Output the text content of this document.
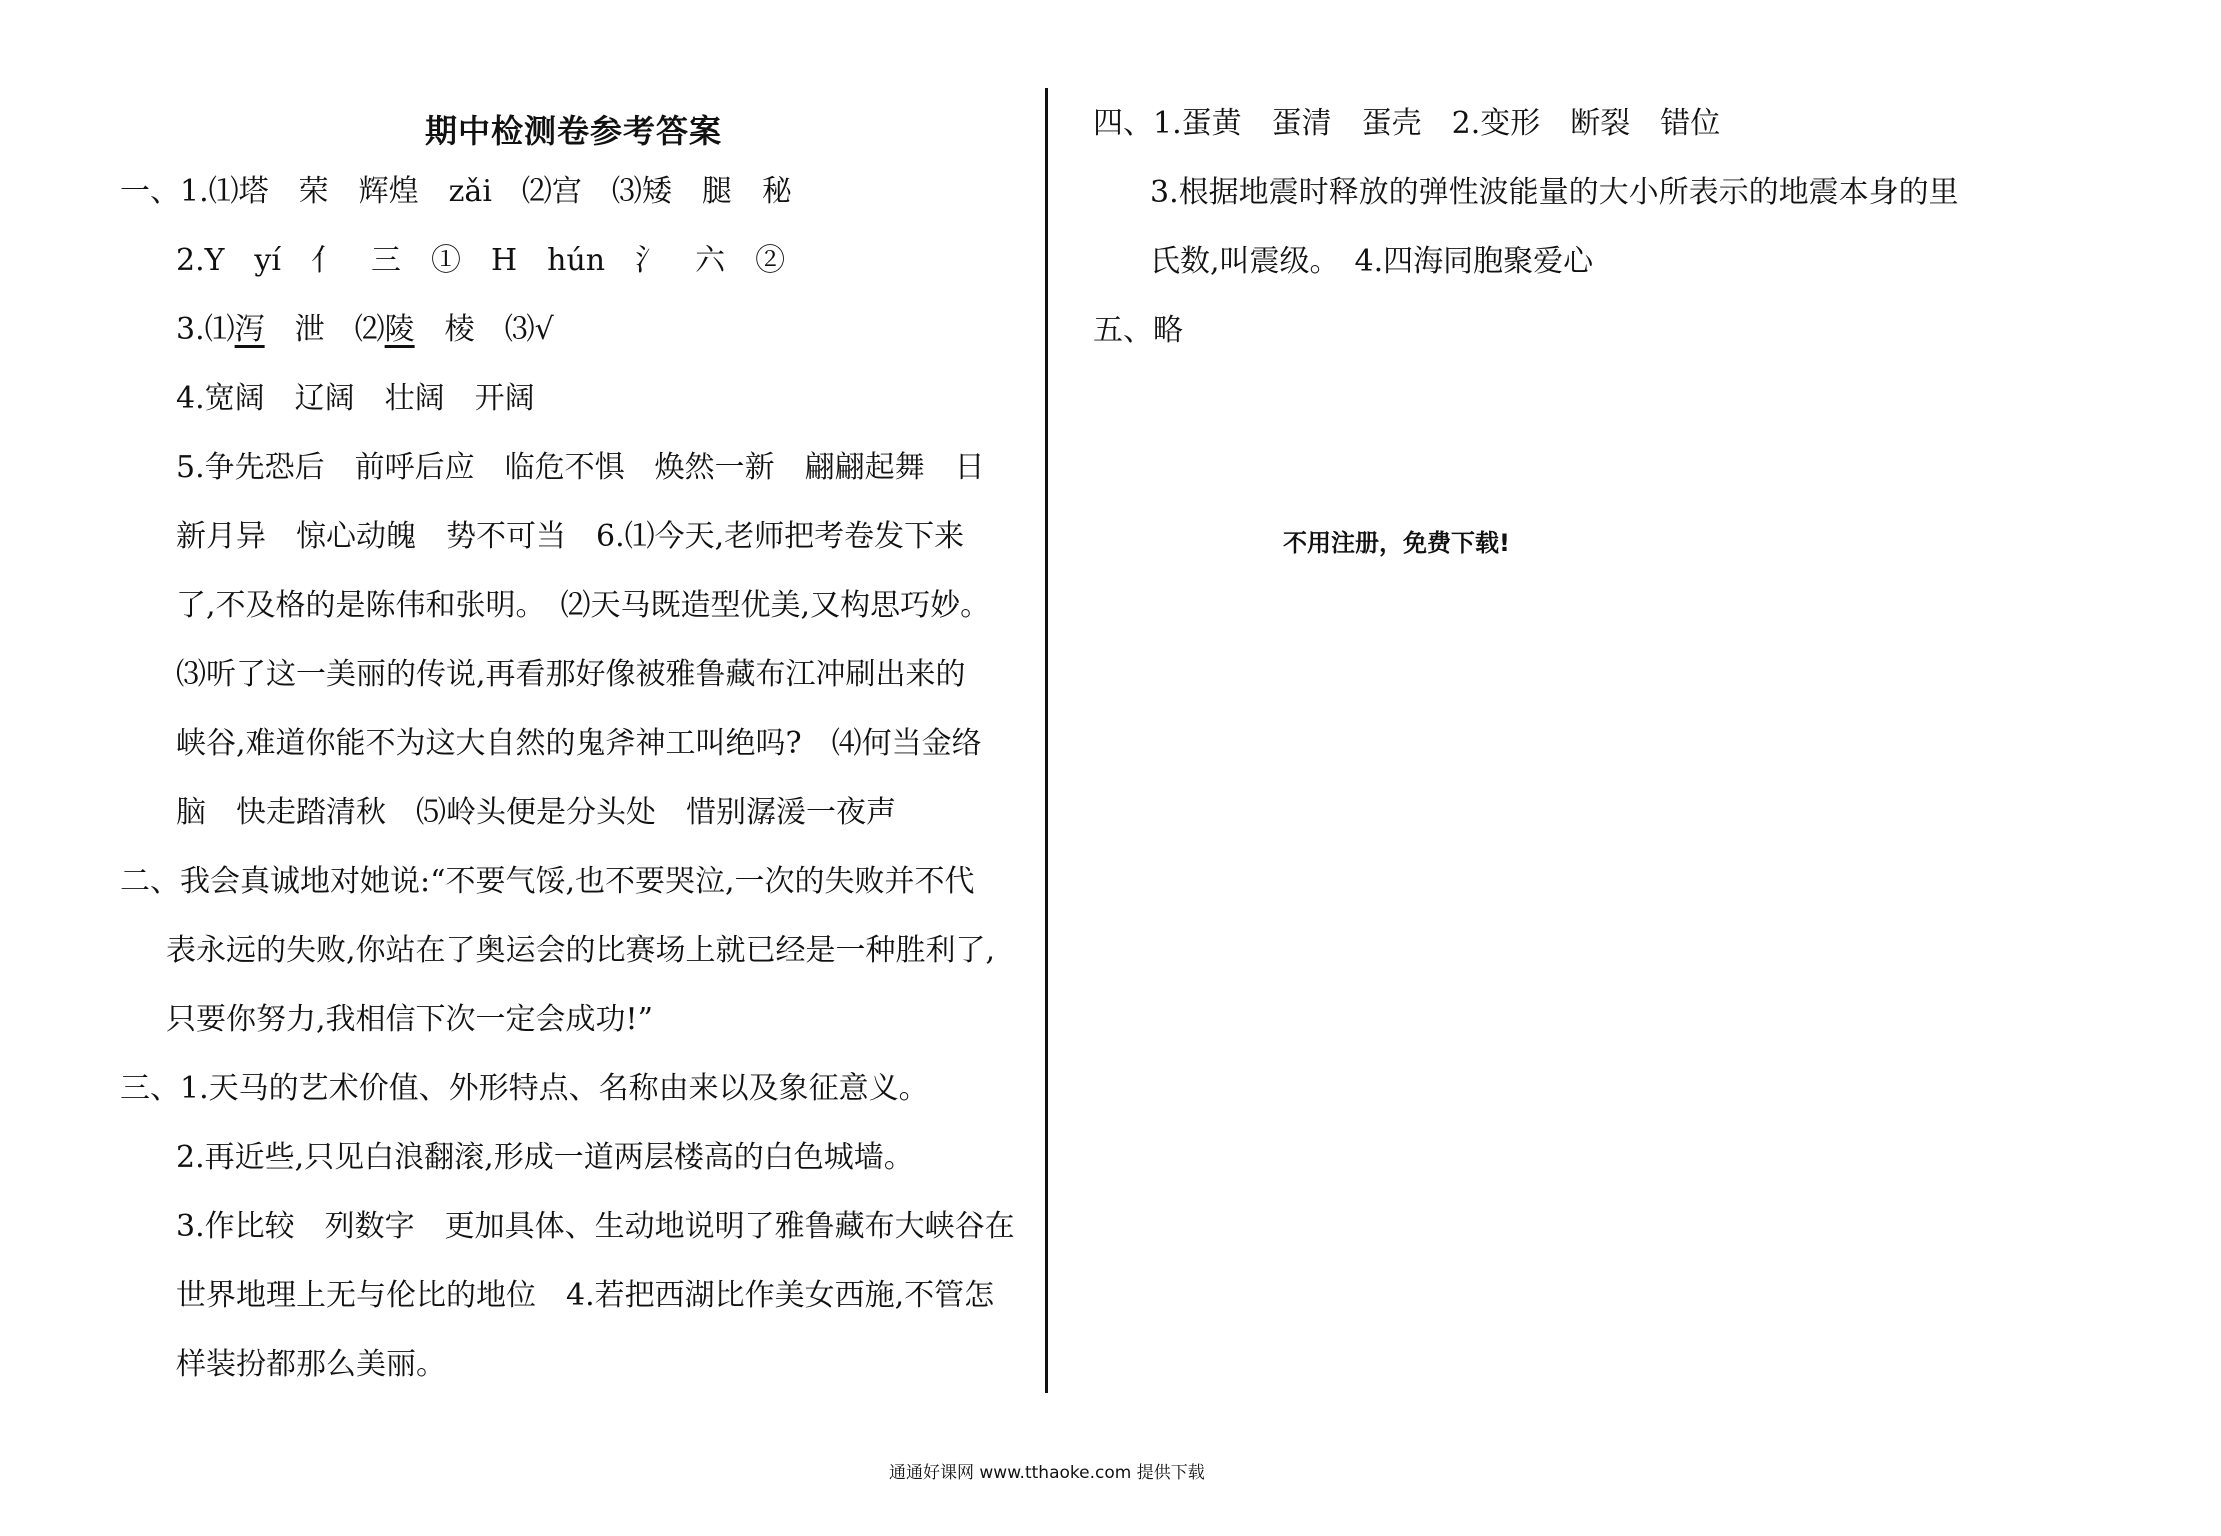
期中检测卷参考答案
一、1.⑴塔　荣　辉煌　zǎi　⑵宫　⑶矮　腿　秘
2.Y　yí　亻　三　①　H　hún　氵　六　②
3.⑴泻　泄　⑵陵　棱　⑶√
4.宽阔　辽阔　壮阔　开阔
5.争先恐后　前呼后应　临危不惧　焕然一新　翩翩起舞　日
新月异　惊心动魄　势不可当　6.⑴今天,老师把考卷发下来
了,不及格的是陈伟和张明。　⑵天马既造型优美,又构思巧妙。
⑶听了这一美丽的传说,再看那好像被雅鲁藏布江冲刷出来的
峡谷,难道你能不为这大自然的鬼斧神工叫绝吗?　⑷何当金络
脑　快走踏清秋　⑸岭头便是分头处　惜别潺湲一夜声
二、我会真诚地对她说:“不要气馁,也不要哭泣,一次的失败并不代
表永远的失败,你站在了奥运会的比赛场上就已经是一种胜利了,
只要你努力,我相信下次一定会成功!”
三、1.天马的艺术价值、外形特点、名称由来以及象征意义。
2.再近些,只见白浪翻滚,形成一道两层楼高的白色城墙。
3.作比较　列数字　更加具体、生动地说明了雅鲁藏布大峡谷在
世界地理上无与伦比的地位　4.若把西湖比作美女西施,不管怎
样装扮都那么美丽。
四、1.蛋黄　蛋清　蛋壳　2.变形　断裂　错位
3.根据地震时释放的弹性波能量的大小所表示的地震本身的里
氏数,叫震级。　4.四海同胞聚爱心
五、略
不用注册，免费下载!
通通好课网 www.tthaoke.com 提供下载
